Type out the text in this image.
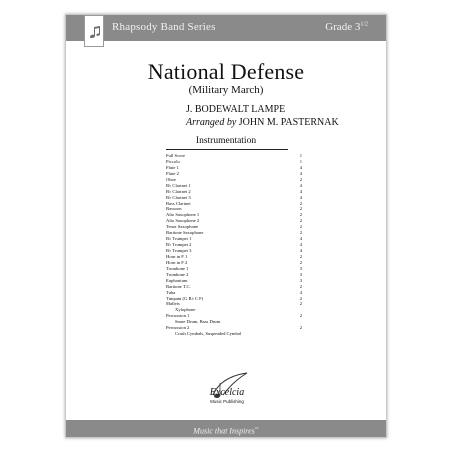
Rhapsody Band Series	Grade $3^{1/2}$
National Defense
(Military March)
J. BODEWALT LAMPE
Arranged by JOHN M. PASTERNAK
Instrumentation
Full Score	1
Piccolo	1
Flute 1	4
Flute 2	4
Oboe	2
B♭ Clarinet 1	4
B♭ Clarinet 2	4
B♭ Clarinet 3	4
Bass Clarinet	2
Bassoon	2
Alto Saxophone 1	2
Alto Saxophone 2	2
Tenor Saxophone	2
Baritone Saxophone	2
B♭ Trumpet 1	4
B♭ Trumpet 2	4
B♭ Trumpet 3	4
Horn in F 1	2
Horn in F 2	2
Trombone 1	3
Trombone 2	3
Euphonium	3
Baritone T.C.	2
Tuba	4
Timpani (G B♭ C F)	2
Mallets	2
Xylophone
Percussion 1	2
Snare Drum, Bass Drum
Percussion 2	2
Crash Cymbals, Suspended Cymbal
Excelcia
Music Publishing
Music that Inspires™
